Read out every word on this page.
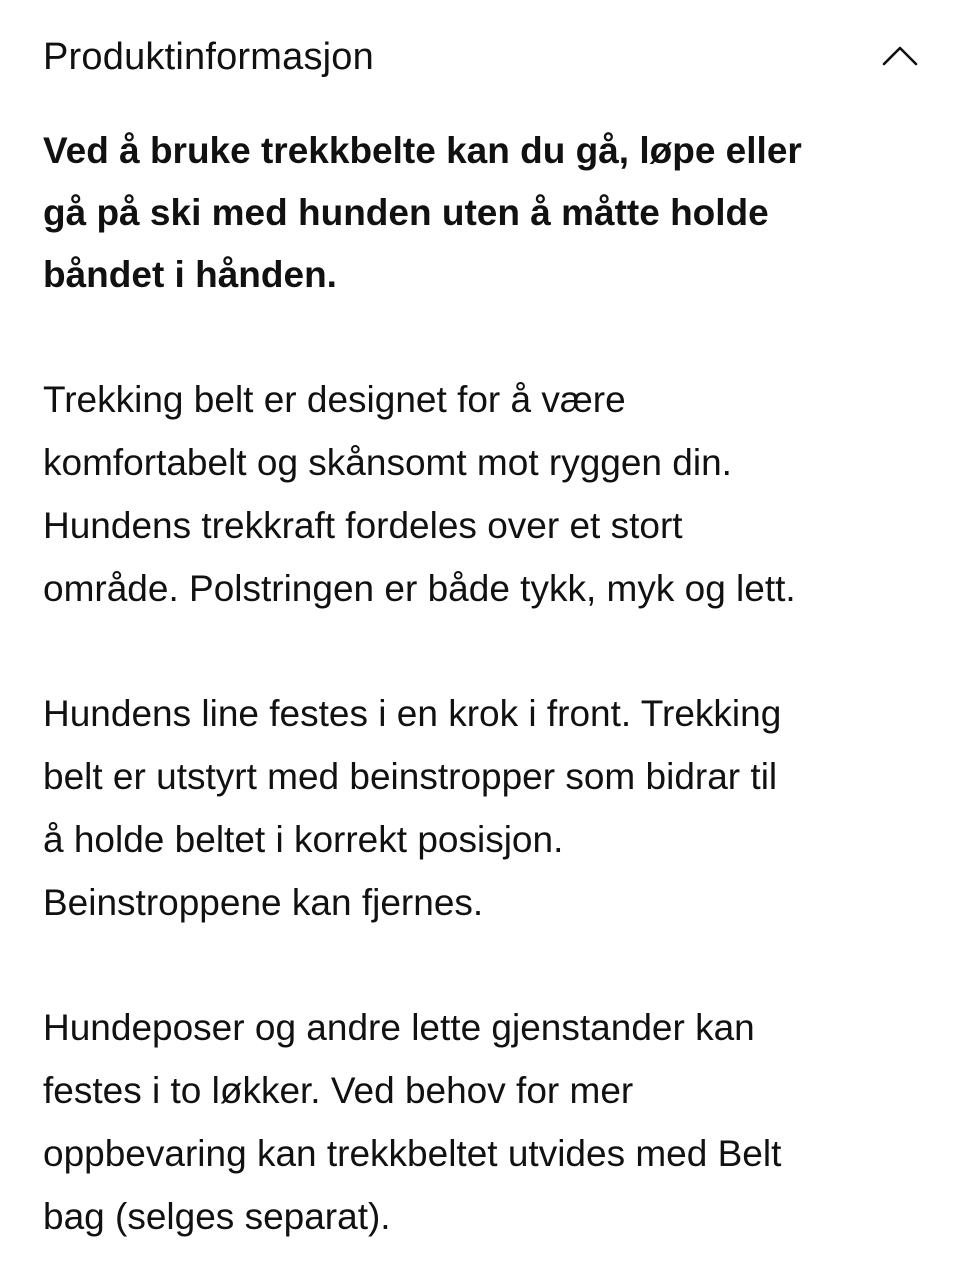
Produktinformasjon

Ved å bruke trekkbelte kan du gå, løpe eller
gå på ski med hunden uten å måtte holde
båndet i hånden.

Trekking belt er designet for å være
komfortabelt og skånsomt mot ryggen din.
Hundens trekkraft fordeles over et stort
område. Polstringen er både tykk, myk og lett.

Hundens line festes i en krok i front. Trekking
belt er utstyrt med beinstropper som bidrar til
å holde beltet i korrekt posisjon.
Beinstroppene kan fjernes.

Hundeposer og andre lette gjenstander kan
festes i to løkker. Ved behov for mer
oppbevaring kan trekkbeltet utvides med Belt
bag (selges separat).
